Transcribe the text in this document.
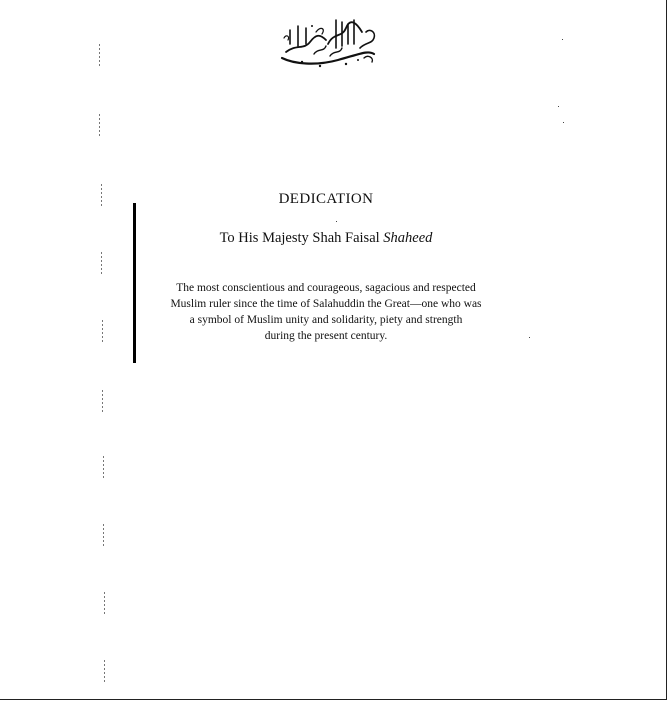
DEDICATION
To His Majesty Shah Faisal Shaheed
The most conscientious and courageous, sagacious and respected
Muslim ruler since the time of Salahuddin the Great—one who was
a symbol of Muslim unity and solidarity, piety and strength
during the present century.
